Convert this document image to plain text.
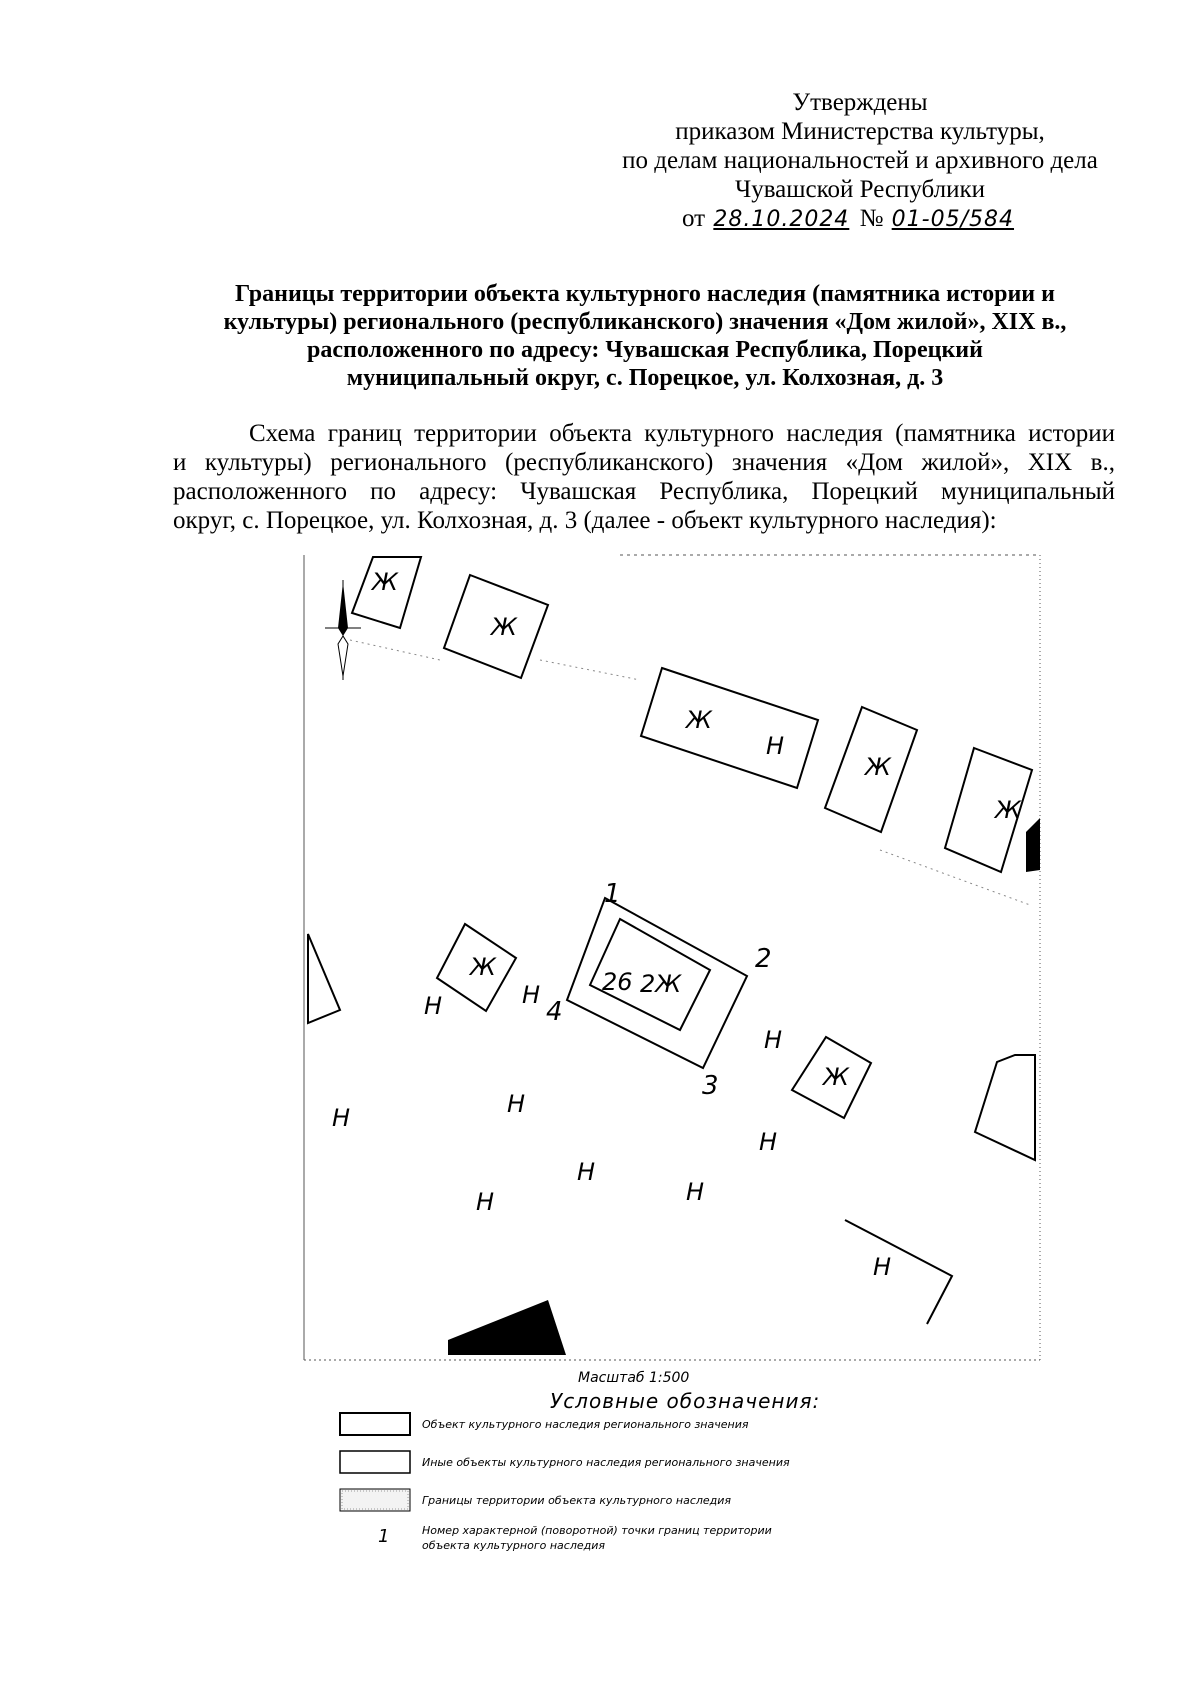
Утверждены
приказом Министерства культуры,
по делам национальностей и архивного дела
Чувашской Республики
от 28.10.2024 № 01-05/584
Границы территории объекта культурного наследия (памятника истории и
культуры) регионального (республиканского) значения «Дом жилой», XIX в.,
расположенного по адресу: Чувашская Республика, Порецкий
муниципальный округ, с. Порецкое, ул. Колхозная, д. 3
Схема границ территории объекта культурного наследия (памятника истории
и культуры) регионального (республиканского) значения «Дом жилой», XIX в.,
расположенного по адресу: Чувашская Республика, Порецкий муниципальный
округ, с. Порецкое, ул. Колхозная, д. 3 (далее - объект культурного наследия):
Ж
Ж
Ж
Н
Ж
Ж
Ж
Н	Н	26 2Ж
Н
Ж
Н	Н
Н
Н
Н
Н
Н
1
2
3
4
Масштаб 1:500
Условные обозначения:
Объект культурного наследия регионального значения
Иные объекты культурного наследия регионального значения
Границы территории объекта культурного наследия
1	Номер характерной (поворотной) точки границ территории
объекта культурного наследия
